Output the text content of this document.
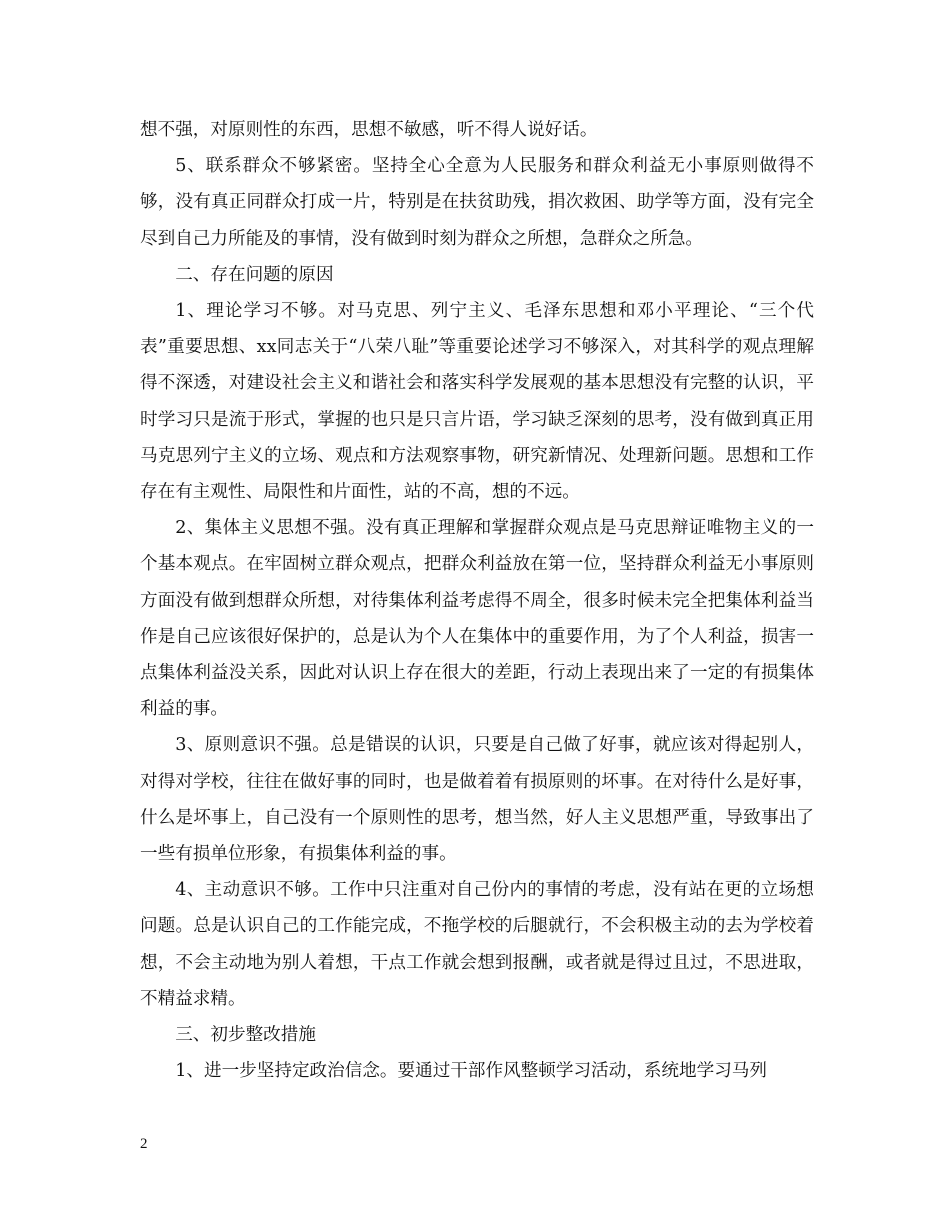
想不强，对原则性的东西，思想不敏感，听不得人说好话。

5、联系群众不够紧密。坚持全心全意为人民服务和群众利益无小事原则做得不够，没有真正同群众打成一片，特别是在扶贫助残，捐次救困、助学等方面，没有完全尽到自己力所能及的事情，没有做到时刻为群众之所想，急群众之所急。

二、存在问题的原因

1、理论学习不够。对马克思、列宁主义、毛泽东思想和邓小平理论、“三个代表”重要思想、xx同志关于“八荣八耻”等重要论述学习不够深入，对其科学的观点理解得不深透，对建设社会主义和谐社会和落实科学发展观的基本思想没有完整的认识，平时学习只是流于形式，掌握的也只是只言片语，学习缺乏深刻的思考，没有做到真正用马克思列宁主义的立场、观点和方法观察事物，研究新情况、处理新问题。思想和工作存在有主观性、局限性和片面性，站的不高，想的不远。

2、集体主义思想不强。没有真正理解和掌握群众观点是马克思辩证唯物主义的一个基本观点。在牢固树立群众观点，把群众利益放在第一位，坚持群众利益无小事原则方面没有做到想群众所想，对待集体利益考虑得不周全，很多时候未完全把集体利益当作是自己应该很好保护的，总是认为个人在集体中的重要作用，为了个人利益，损害一点集体利益没关系，因此对认识上存在很大的差距，行动上表现出来了一定的有损集体利益的事。

3、原则意识不强。总是错误的认识，只要是自己做了好事，就应该对得起别人，对得对学校，往往在做好事的同时，也是做着着有损原则的坏事。在对待什么是好事，什么是坏事上，自己没有一个原则性的思考，想当然，好人主义思想严重，导致事出了一些有损单位形象，有损集体利益的事。

4、主动意识不够。工作中只注重对自己份内的事情的考虑，没有站在更的立场想问题。总是认识自己的工作能完成，不拖学校的后腿就行，不会积极主动的去为学校着想，不会主动地为别人着想，干点工作就会想到报酬，或者就是得过且过，不思进取，不精益求精。

三、初步整改措施

1、进一步坚持定政治信念。要通过干部作风整顿学习活动，系统地学习马列

2
